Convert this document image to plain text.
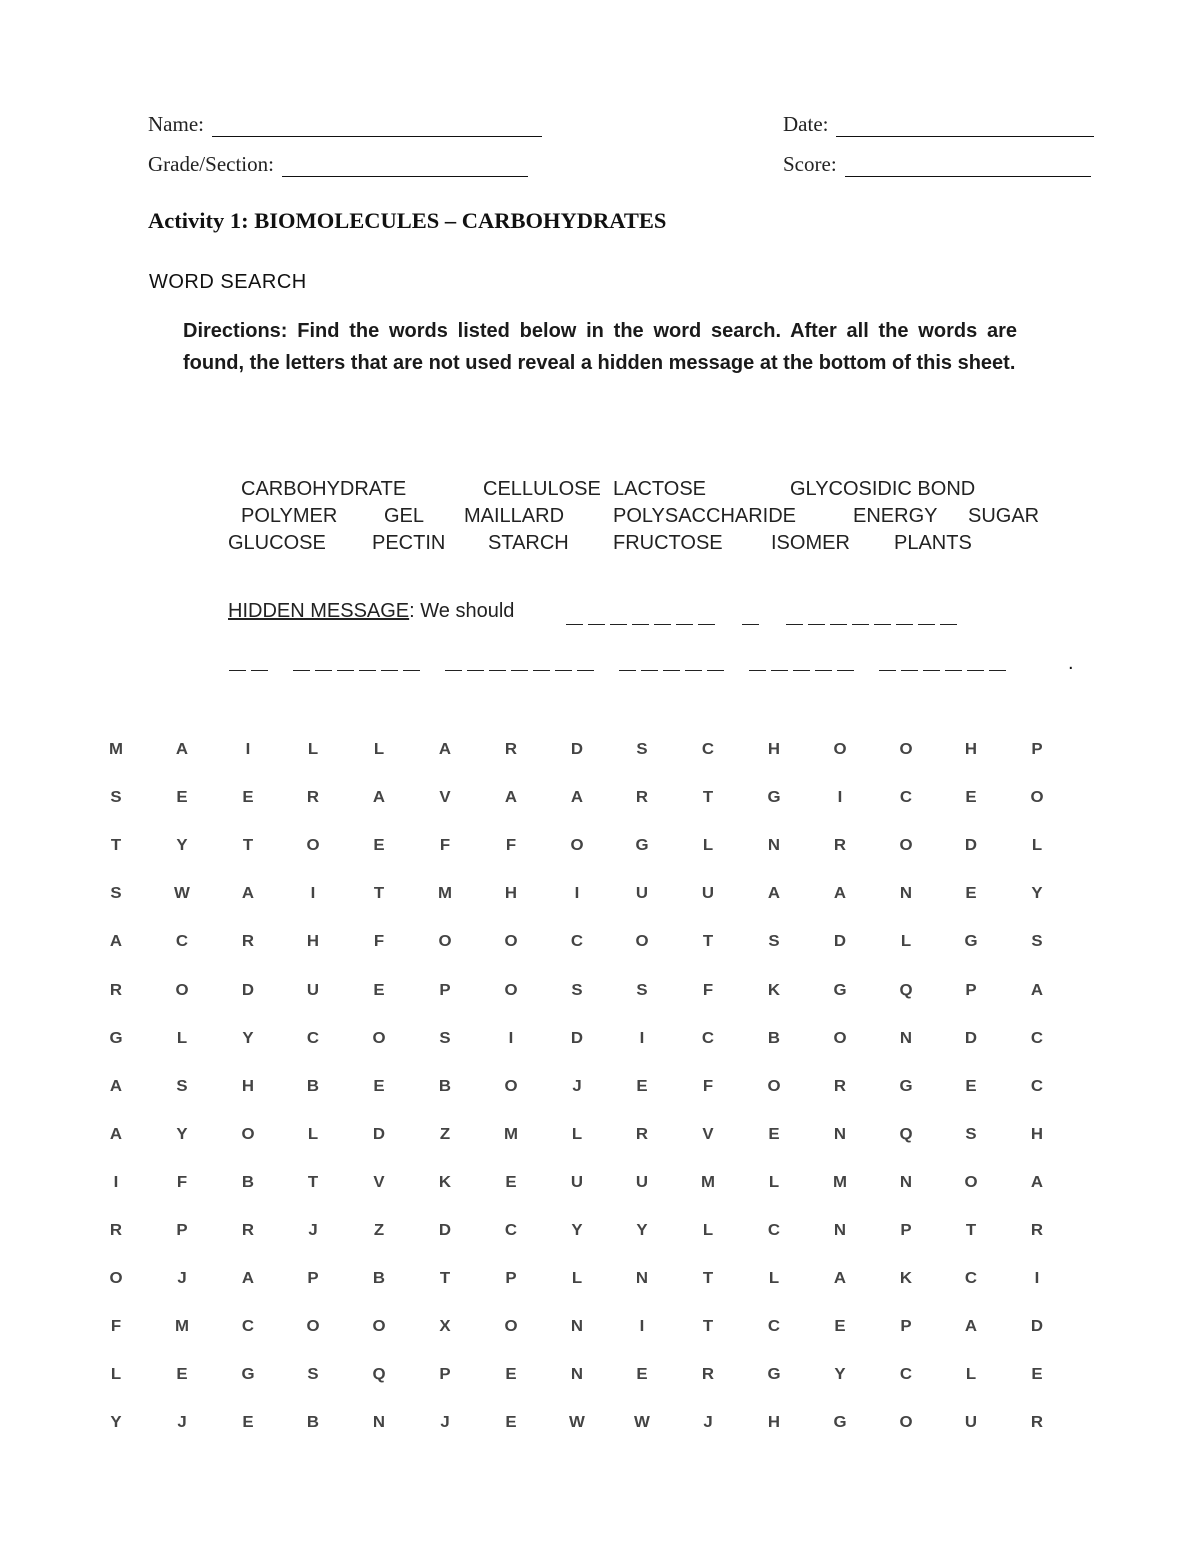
Name:	Date:
Grade/Section:	Score:
Activity 1: BIOMOLECULES – CARBOHYDRATES
WORD SEARCH
Directions: Find the words listed below in the word search. After all the words are found, the letters that are not used reveal a hidden message at the bottom of this sheet.
CARBOHYDRATE	CELLULOSE LACTOSE	GLYCOSIDIC BOND
POLYMER GEL MAILLARD POLYSACCHARIDE	ENERGY SUGAR
GLUCOSE PECTIN STARCH FRUCTOSE ISOMER PLANTS
HIDDEN MESSAGE: We should
.
M	A	I	L	L	A	R	D	S	C	H	O	O	H	P
S	E	E	R	A	V	A	A	R	T	G	I	C	E	O
T	Y	T	O	E	F	F	O	G	L	N	R	O	D	L
S	W	A	I	T	M	H	I	U	U	A	A	N	E	Y
A	C	R	H	F	O	O	C	O	T	S	D	L	G	S
R	O	D	U	E	P	O	S	S	F	K	G	Q	P	A
G	L	Y	C	O	S	I	D	I	C	B	O	N	D	C
A	S	H	B	E	B	O	J	E	F	O	R	G	E	C
A	Y	O	L	D	Z	M	L	R	V	E	N	Q	S	H
I	F	B	T	V	K	E	U	U	M	L	M	N	O	A
R	P	R	J	Z	D	C	Y	Y	L	C	N	P	T	R
O	J	A	P	B	T	P	L	N	T	L	A	K	C	I
F	M	C	O	O	X	O	N	I	T	C	E	P	A	D
L	E	G	S	Q	P	E	N	E	R	G	Y	C	L	E
Y	J	E	B	N	J	E	W	W	J	H	G	O	U	R
